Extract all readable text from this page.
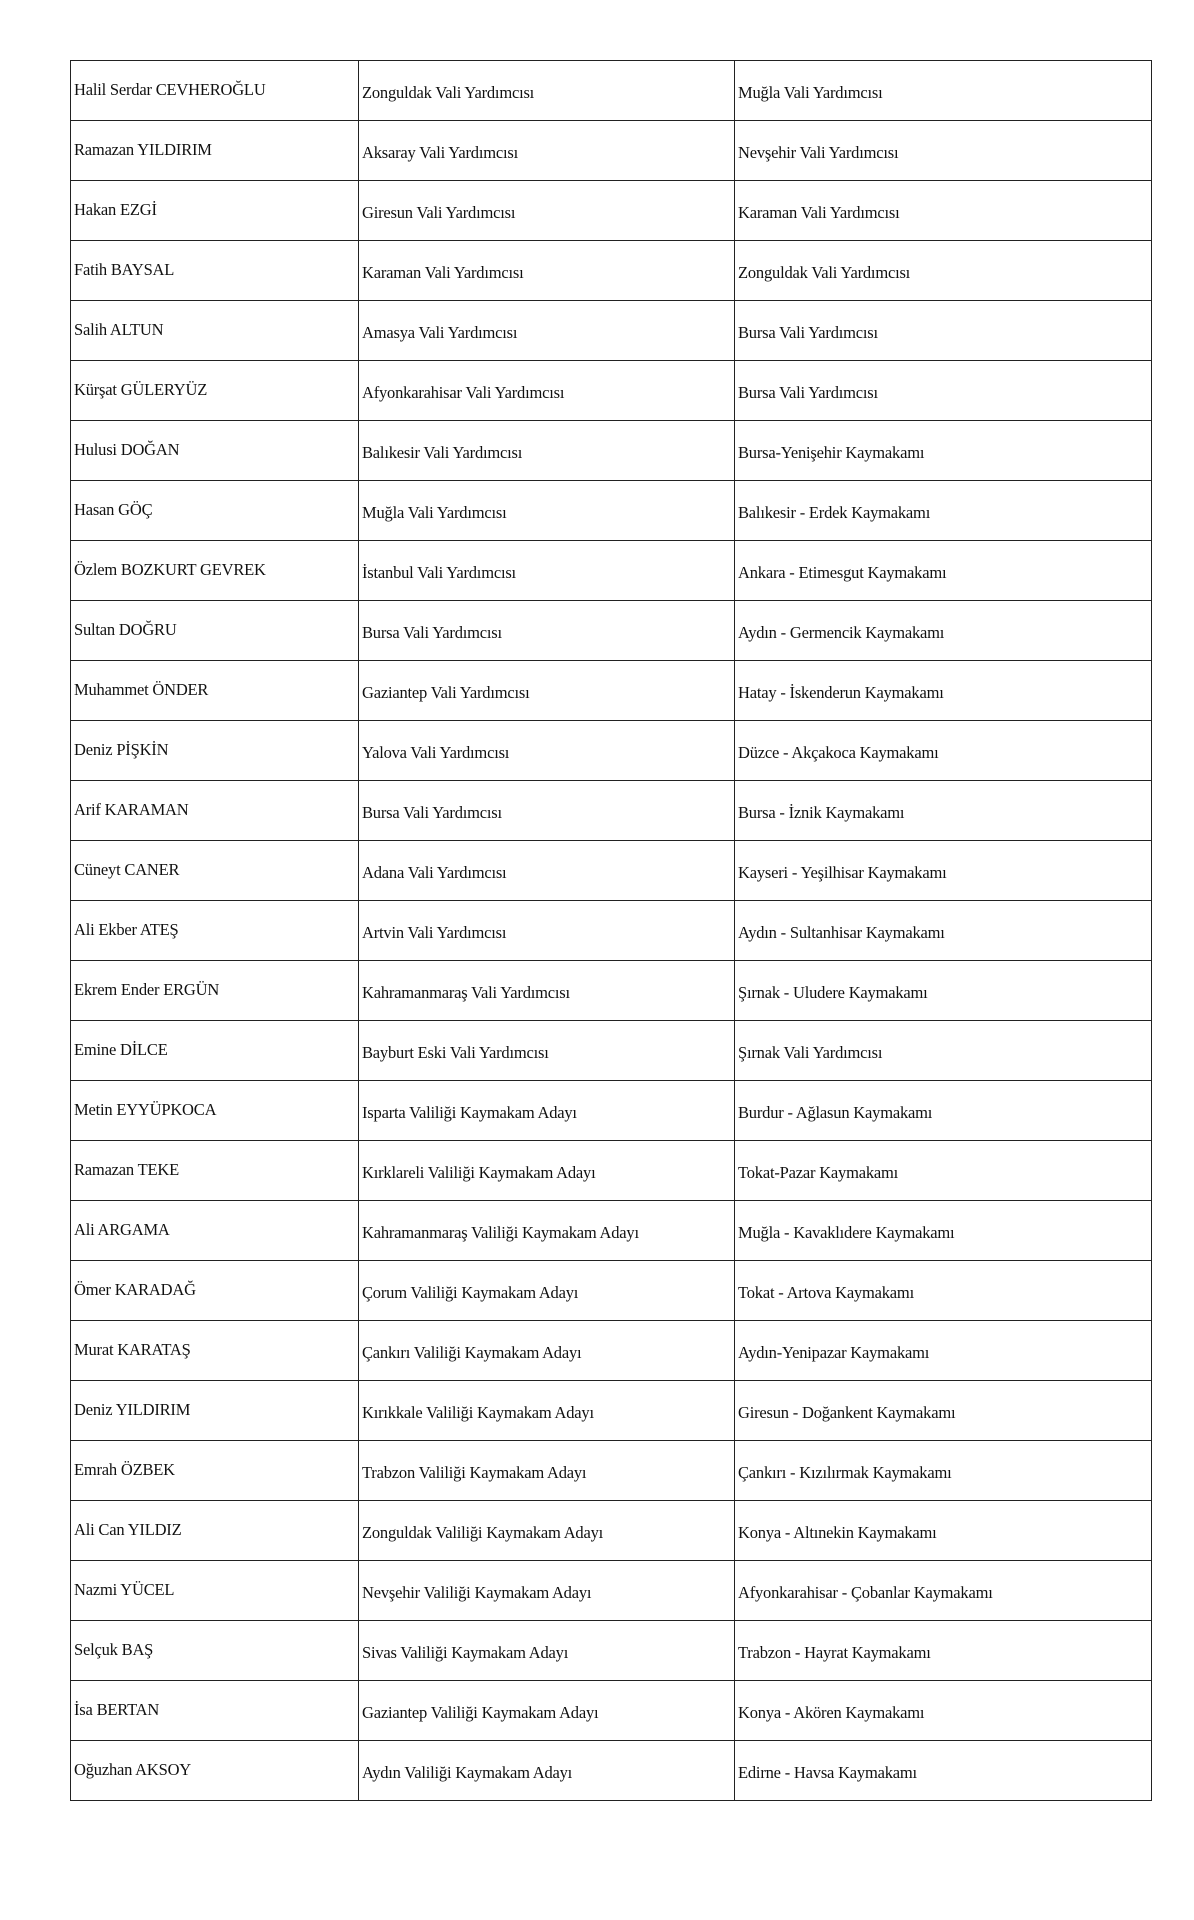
Halil Serdar CEVHEROĞLU	Zonguldak Vali Yardımcısı	Muğla Vali Yardımcısı
Ramazan YILDIRIM	Aksaray Vali Yardımcısı	Nevşehir Vali Yardımcısı
Hakan EZGİ	Giresun Vali Yardımcısı	Karaman Vali Yardımcısı
Fatih BAYSAL	Karaman Vali Yardımcısı	Zonguldak Vali Yardımcısı
Salih ALTUN	Amasya Vali Yardımcısı	Bursa Vali Yardımcısı
Kürşat GÜLERYÜZ	Afyonkarahisar Vali Yardımcısı	Bursa Vali Yardımcısı
Hulusi DOĞAN	Balıkesir Vali Yardımcısı	Bursa-Yenişehir Kaymakamı
Hasan GÖÇ	Muğla Vali Yardımcısı	Balıkesir - Erdek Kaymakamı
Özlem BOZKURT GEVREK	İstanbul Vali Yardımcısı	Ankara - Etimesgut Kaymakamı
Sultan DOĞRU	Bursa Vali Yardımcısı	Aydın - Germencik Kaymakamı
Muhammet ÖNDER	Gaziantep Vali Yardımcısı	Hatay - İskenderun Kaymakamı
Deniz PİŞKİN	Yalova Vali Yardımcısı	Düzce - Akçakoca Kaymakamı
Arif KARAMAN	Bursa Vali Yardımcısı	Bursa - İznik Kaymakamı
Cüneyt CANER	Adana Vali Yardımcısı	Kayseri - Yeşilhisar Kaymakamı
Ali Ekber ATEŞ	Artvin Vali Yardımcısı	Aydın - Sultanhisar Kaymakamı
Ekrem Ender ERGÜN	Kahramanmaraş Vali Yardımcısı	Şırnak - Uludere Kaymakamı
Emine DİLCE	Bayburt Eski Vali Yardımcısı	Şırnak Vali Yardımcısı
Metin EYYÜPKOCA	Isparta Valiliği Kaymakam Adayı	Burdur - Ağlasun Kaymakamı
Ramazan TEKE	Kırklareli Valiliği Kaymakam Adayı	Tokat-Pazar Kaymakamı
Ali ARGAMA	Kahramanmaraş Valiliği Kaymakam Adayı	Muğla - Kavaklıdere Kaymakamı
Ömer KARADAĞ	Çorum Valiliği Kaymakam Adayı	Tokat - Artova Kaymakamı
Murat KARATAŞ	Çankırı Valiliği Kaymakam Adayı	Aydın-Yenipazar Kaymakamı
Deniz YILDIRIM	Kırıkkale Valiliği Kaymakam Adayı	Giresun - Doğankent Kaymakamı
Emrah ÖZBEK	Trabzon Valiliği Kaymakam Adayı	Çankırı - Kızılırmak Kaymakamı
Ali Can YILDIZ	Zonguldak Valiliği Kaymakam Adayı	Konya - Altınekin Kaymakamı
Nazmi YÜCEL	Nevşehir Valiliği Kaymakam Adayı	Afyonkarahisar - Çobanlar Kaymakamı
Selçuk BAŞ	Sivas Valiliği Kaymakam Adayı	Trabzon - Hayrat Kaymakamı
İsa BERTAN	Gaziantep Valiliği Kaymakam Adayı	Konya - Akören Kaymakamı
Oğuzhan AKSOY	Aydın Valiliği Kaymakam Adayı	Edirne - Havsa Kaymakamı
